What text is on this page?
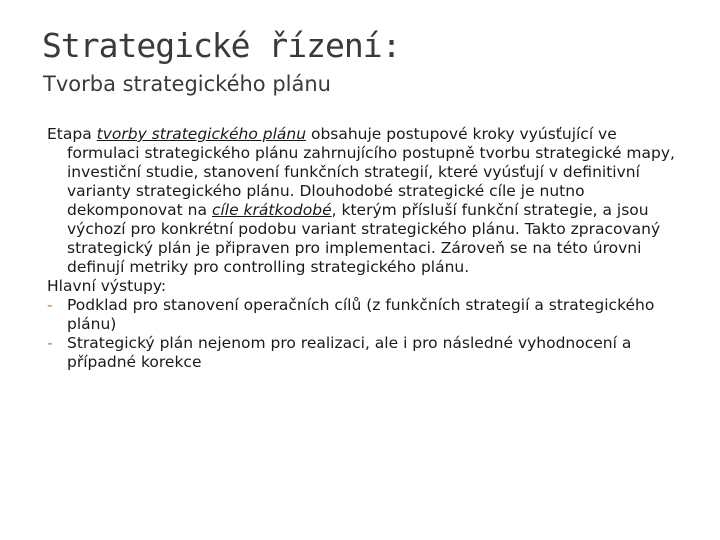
Strategické řízení:
Tvorba strategického plánu

Etapa tvorby strategického plánu obsahuje postupové kroky vyúsťující ve formulaci strategického plánu zahrnujícího postupně tvorbu strategické mapy, investiční studie, stanovení funkčních strategií, které vyúsťují v definitivní varianty strategického plánu. Dlouhodobé strategické cíle je nutno dekomponovat na cíle krátkodobé, kterým přísluší funkční strategie, a jsou výchozí pro konkrétní podobu variant strategického plánu. Takto zpracovaný strategický plán je připraven pro implementaci. Zároveň se na této úrovni definují metriky pro controlling strategického plánu.

Hlavní výstupy:

- Podklad pro stanovení operačních cílů (z funkčních strategií a strategického plánu)

- Strategický plán nejenom pro realizaci, ale i pro následné vyhodnocení a případné korekce
